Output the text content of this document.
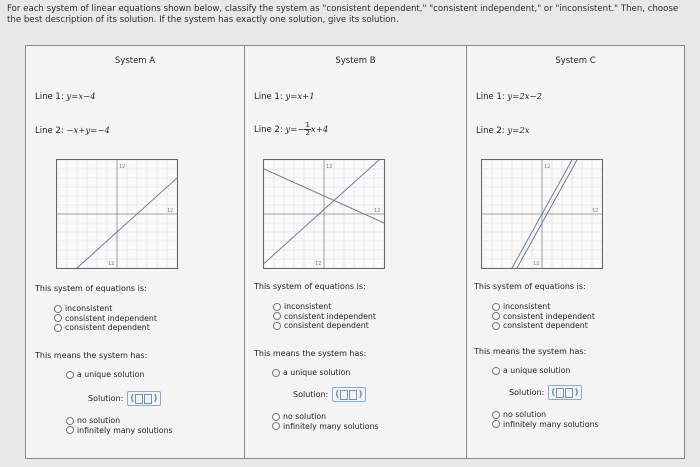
For each system of linear equations shown below, classify the system as "consistent dependent," "consistent independent," or "inconsistent." Then, choose the best description of its solution. If the system has exactly one solution, give its solution.
System A
Line 1: y=x−4
Line 2: −x+y=−4
12
12
12
This system of equations is:
inconsistent
consistent independent
consistent dependent
This means the system has:
a unique solution
Solution: ( )
no solution
infinitely many solutions
System B
Line 1: y=x+1
Line 2: $y=- \frac{1}{2} x+4$
12
12
12
This system of equations is:
inconsistent
consistent independent
consistent dependent
This means the system has:
a unique solution
Solution: ( )
no solution
infinitely many solutions
System C
Line 1: y=2x−2
Line 2: y=2x
12
12
12
This system of equations is:
inconsistent
consistent independent
consistent dependent
This means the system has:
a unique solution
Solution: ( )
no solution
infinitely many solutions
